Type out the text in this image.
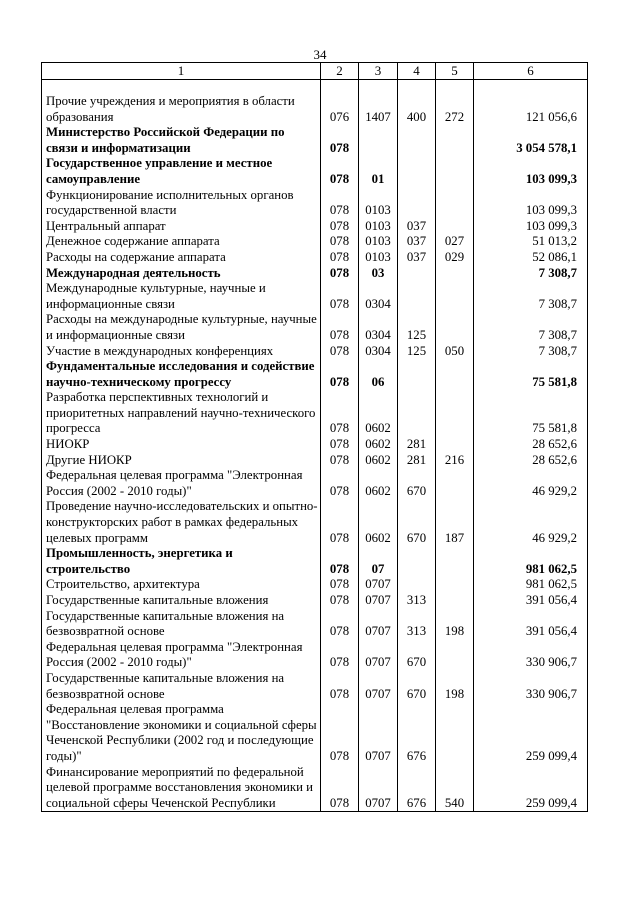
34
1	2	3	4	5	6

Прочие учреждения и мероприятия в области образования	076	1407	400	272	121 056,6
Министерство Российской Федерации по связи и информатизации	078				3 054 578,1
Государственное управление и местное самоуправление	078	01			103 099,3
Функционирование исполнительных органов государственной власти	078	0103			103 099,3
Центральный аппарат	078	0103	037		103 099,3
Денежное содержание аппарата	078	0103	037	027	51 013,2
Расходы на содержание аппарата	078	0103	037	029	52 086,1
Международная деятельность	078	03			7 308,7
Международные культурные, научные и информационные связи	078	0304			7 308,7
Расходы на международные культурные, научные и информационные связи	078	0304	125		7 308,7
Участие в международных конференциях	078	0304	125	050	7 308,7
Фундаментальные исследования и содействие научно-техническому прогрессу	078	06			75 581,8
Разработка перспективных технологий и приоритетных направлений научно-технического прогресса	078	0602			75 581,8
НИОКР	078	0602	281		28 652,6
Другие НИОКР	078	0602	281	216	28 652,6
Федеральная целевая программа "Электронная Россия (2002 - 2010 годы)"	078	0602	670		46 929,2
Проведение научно-исследовательских и опытно-конструкторских работ в рамках федеральных целевых программ	078	0602	670	187	46 929,2
Промышленность, энергетика и строительство	078	07			981 062,5
Строительство, архитектура	078	0707			981 062,5
Государственные капитальные вложения	078	0707	313		391 056,4
Государственные капитальные вложения на безвозвратной основе	078	0707	313	198	391 056,4
Федеральная целевая программа "Электронная Россия (2002 - 2010 годы)"	078	0707	670		330 906,7
Государственные капитальные вложения на безвозвратной основе	078	0707	670	198	330 906,7
Федеральная целевая программа "Восстановление экономики и социальной сферы Чеченской Республики (2002 год и последующие годы)"	078	0707	676		259 099,4
Финансирование мероприятий по федеральной целевой программе восстановления экономики и социальной сферы Чеченской Республики	078	0707	676	540	259 099,4
